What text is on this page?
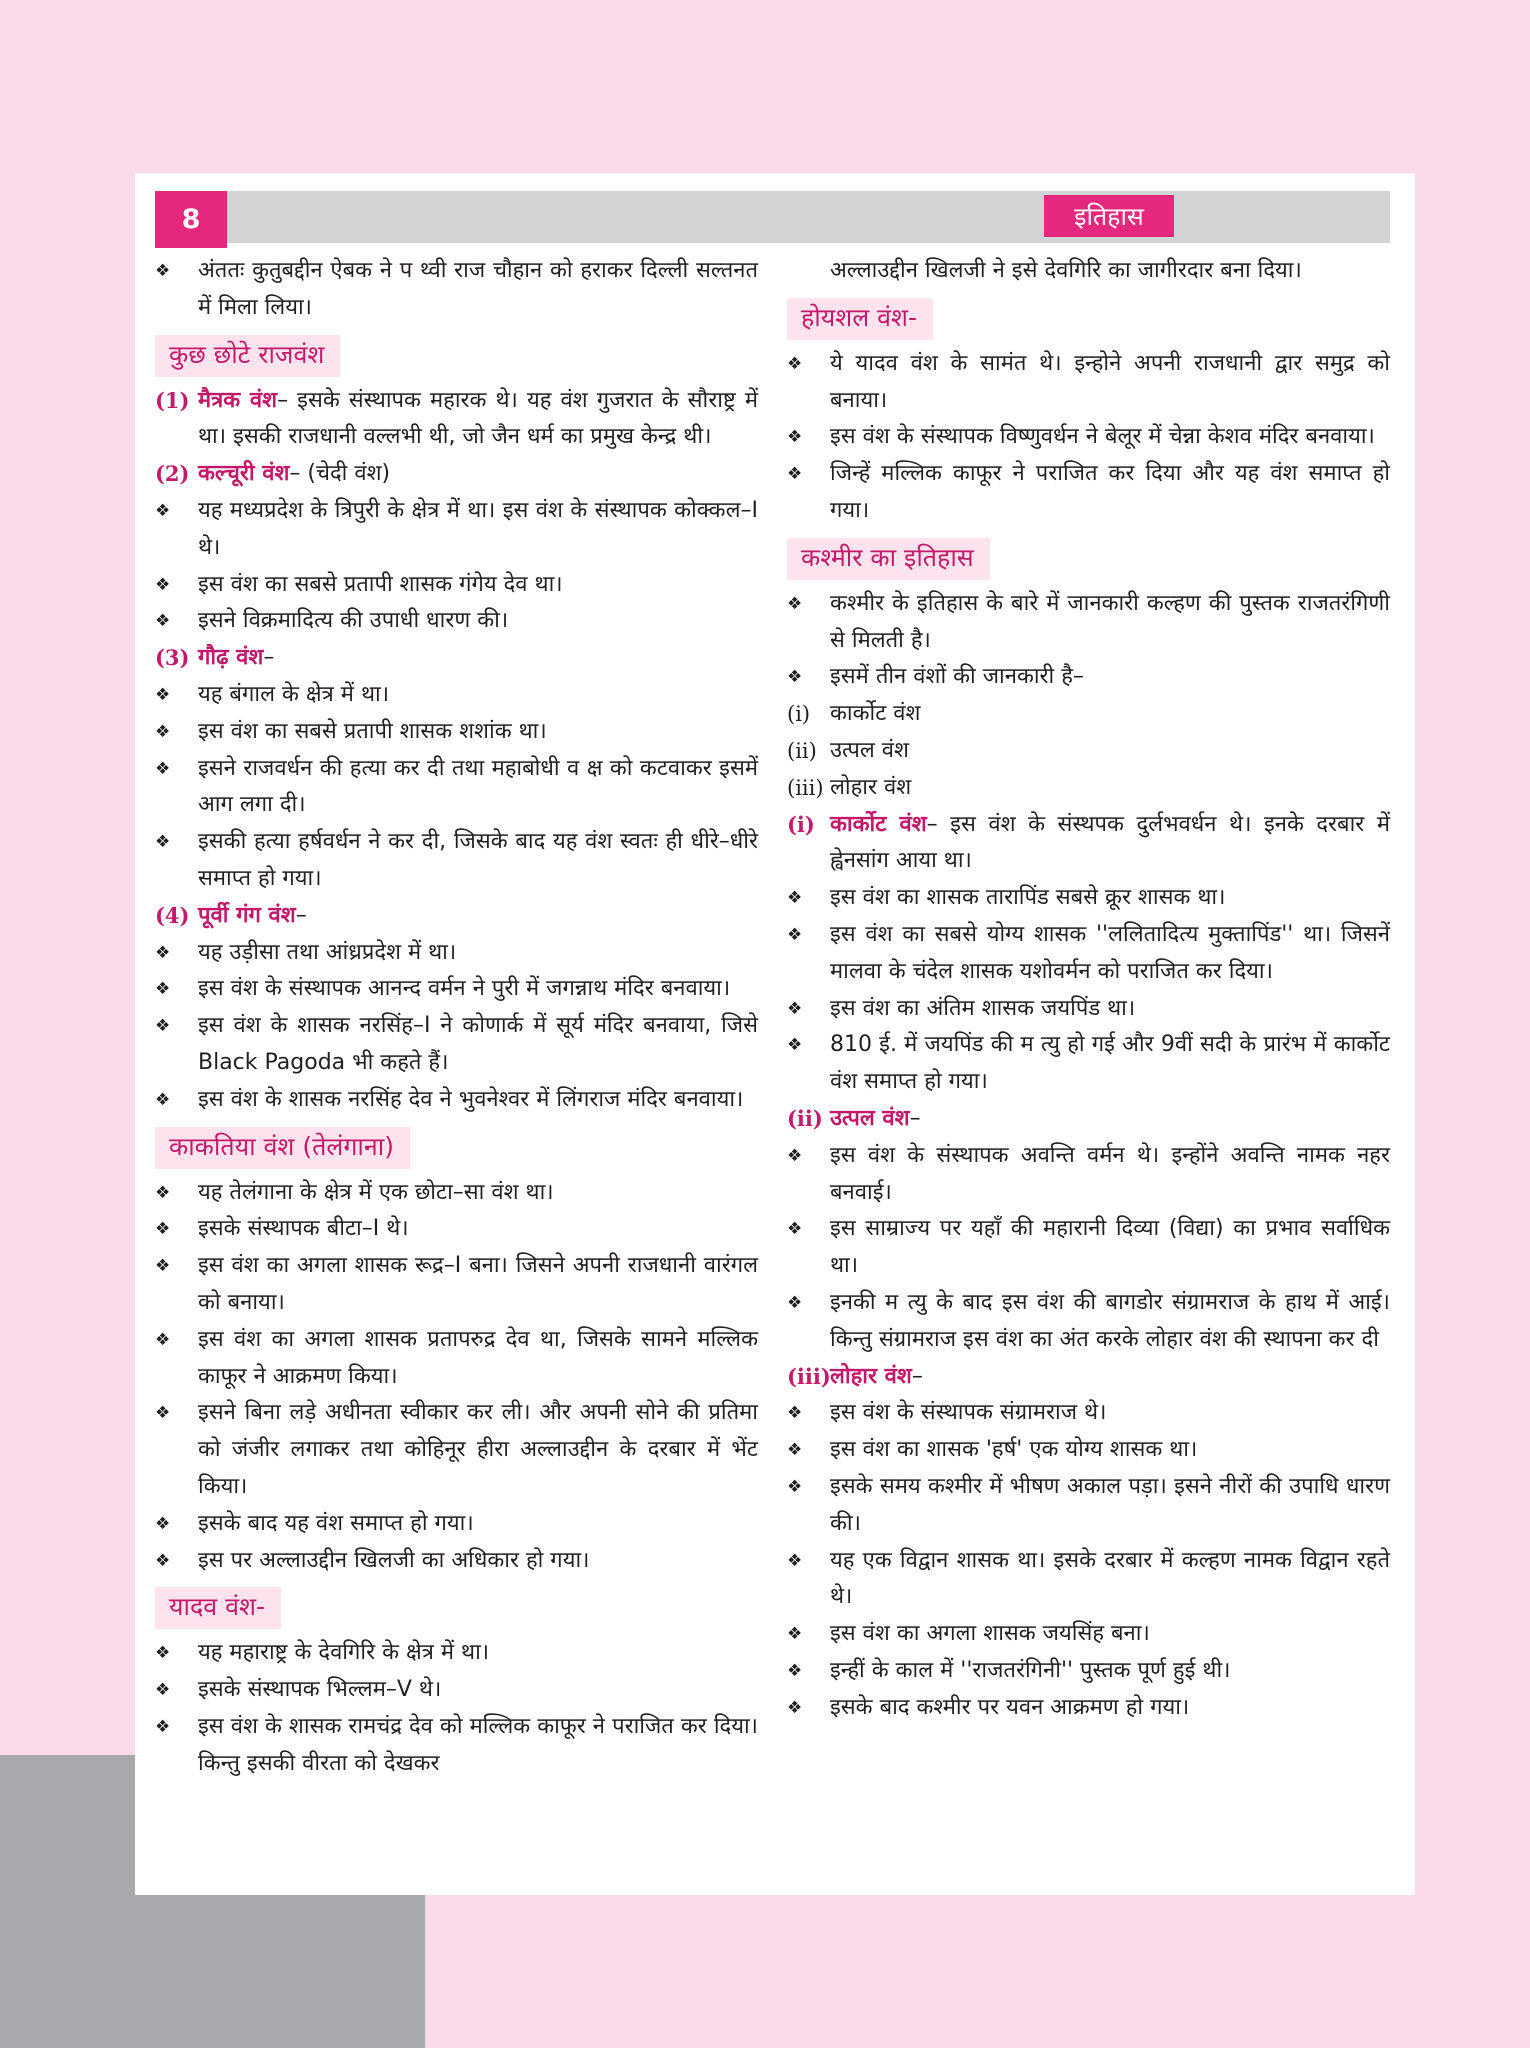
8	इतिहास

❖ अंततः कुतुबद्दीन ऐबक ने प थ्वी राज चौहान को हराकर दिल्ली सल्तनत में मिला लिया।

कुछ छोटे राजवंश

(1) मैत्रक वंश– इसके संस्थापक महारक थे। यह वंश गुजरात के सौराष्ट्र में था। इसकी राजधानी वल्लभी थी, जो जैन धर्म का प्रमुख केन्द्र थी।

(2) कल्चूरी वंश– (चेदी वंश)

❖ यह मध्यप्रदेश के त्रिपुरी के क्षेत्र में था। इस वंश के संस्थापक कोक्कल–I थे।

❖ इस वंश का सबसे प्रतापी शासक गंगेय देव था।

❖ इसने विक्रमादित्य की उपाधी धारण की।

(3) गौढ़ वंश–

❖ यह बंगाल के क्षेत्र में था।

❖ इस वंश का सबसे प्रतापी शासक शशांक था।

❖ इसने राजवर्धन की हत्या कर दी तथा महाबोधी व क्ष को कटवाकर इसमें आग लगा दी।

❖ इसकी हत्या हर्षवर्धन ने कर दी, जिसके बाद यह वंश स्वतः ही धीरे–धीरे समाप्त हो गया।

(4) पूर्वी गंग वंश–

❖ यह उड़ीसा तथा आंध्रप्रदेश में था।

❖ इस वंश के संस्थापक आनन्द वर्मन ने पुरी में जगन्नाथ मंदिर बनवाया।

❖ इस वंश के शासक नरसिंह–I ने कोणार्क में सूर्य मंदिर बनवाया, जिसे Black Pagoda भी कहते हैं।

❖ इस वंश के शासक नरसिंह देव ने भुवनेश्वर में लिंगराज मंदिर बनवाया।

काकतिया वंश (तेलंगाना)

❖ यह तेलंगाना के क्षेत्र में एक छोटा–सा वंश था।

❖ इसके संस्थापक बीटा–I थे।

❖ इस वंश का अगला शासक रूद्र–I बना। जिसने अपनी राजधानी वारंगल को बनाया।

❖ इस वंश का अगला शासक प्रतापरुद्र देव था, जिसके सामने मल्लिक काफूर ने आक्रमण किया।

❖ इसने बिना लड़े अधीनता स्वीकार कर ली। और अपनी सोने की प्रतिमा को जंजीर लगाकर तथा कोहिनूर हीरा अल्लाउद्दीन के दरबार में भेंट किया।

❖ इसके बाद यह वंश समाप्त हो गया।

❖ इस पर अल्लाउद्दीन खिलजी का अधिकार हो गया।

यादव वंश-

❖ यह महाराष्ट्र के देवगिरि के क्षेत्र में था।

❖ इसके संस्थापक भिल्लम–V थे।

❖ इस वंश के शासक रामचंद्र देव को मल्लिक काफूर ने पराजित कर दिया। किन्तु इसकी वीरता को देखकर

अल्लाउद्दीन खिलजी ने इसे देवगिरि का जागीरदार बना दिया।

होयशल वंश-

❖ ये यादव वंश के सामंत थे। इन्होने अपनी राजधानी द्वार समुद्र को बनाया।

❖ इस वंश के संस्थापक विष्णुवर्धन ने बेलूर में चेन्ना केशव मंदिर बनवाया।

❖ जिन्हें मल्लिक काफूर ने पराजित कर दिया और यह वंश समाप्त हो गया।

कश्मीर का इतिहास

❖ कश्मीर के इतिहास के बारे में जानकारी कल्हण की पुस्तक राजतरंगिणी से मिलती है।

❖ इसमें तीन वंशों की जानकारी है–

(i) कार्कोट वंश

(ii) उत्पल वंश

(iii) लोहार वंश

(i) कार्कोट वंश– इस वंश के संस्थपक दुर्लभवर्धन थे। इनके दरबार में ह्वेनसांग आया था।

❖ इस वंश का शासक तारापिंड सबसे क्रूर शासक था।

❖ इस वंश का सबसे योग्य शासक ''ललितादित्य मुक्तापिंड'' था। जिसनें मालवा के चंदेल शासक यशोवर्मन को पराजित कर दिया।

❖ इस वंश का अंतिम शासक जयपिंड था।

❖ 810 ई. में जयपिंड की म त्यु हो गई और 9वीं सदी के प्रारंभ में कार्कोट वंश समाप्त हो गया।

(ii) उत्पल वंश–

❖ इस वंश के संस्थापक अवन्ति वर्मन थे। इन्होंने अवन्ति नामक नहर बनवाई।

❖ इस साम्राज्य पर यहाँ की महारानी दिव्या (विद्या) का प्रभाव सर्वाधिक था।

❖ इनकी म त्यु के बाद इस वंश की बागडोर संग्रामराज के हाथ में आई। किन्तु संग्रामराज इस वंश का अंत करके लोहार वंश की स्थापना कर दी

(iii) लोहार वंश–

❖ इस वंश के संस्थापक संग्रामराज थे।

❖ इस वंश का शासक 'हर्ष' एक योग्य शासक था।

❖ इसके समय कश्मीर में भीषण अकाल पड़ा। इसने नीरों की उपाधि धारण की।

❖ यह एक विद्वान शासक था। इसके दरबार में कल्हण नामक विद्वान रहते थे।

❖ इस वंश का अगला शासक जयसिंह बना।

❖ इन्हीं के काल में ''राजतरंगिनी'' पुस्तक पूर्ण हुई थी।

❖ इसके बाद कश्मीर पर यवन आक्रमण हो गया।
